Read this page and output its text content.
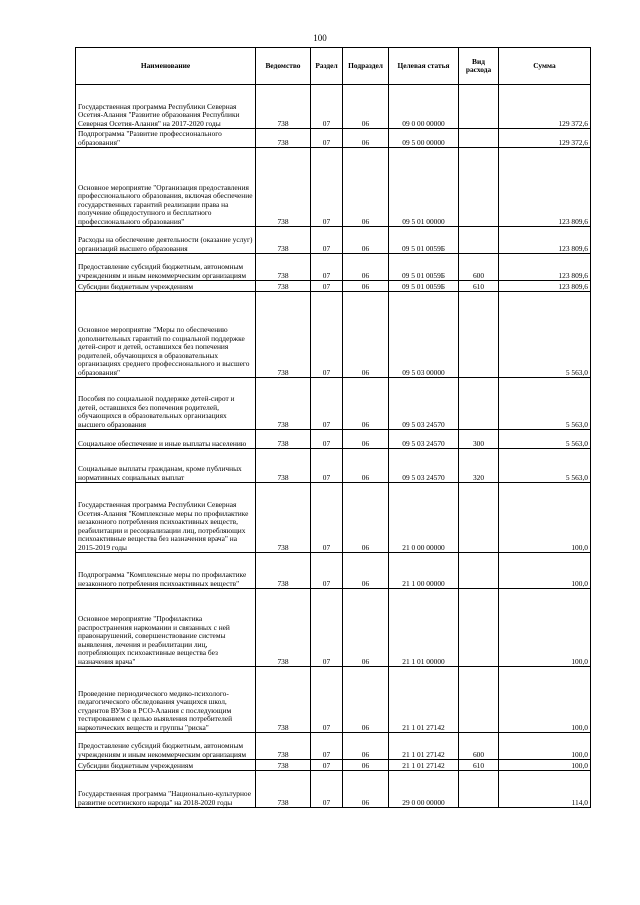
100
Наименование	Ведомство	Раздел	Подраздел	Целевая статья	Вид расхода	Сумма
Государственная программа Республики Северная Осетия-Алания "Развитие образования Республики Северная Осетия-Алания" на 2017-2020 годы	738	07	06	09 0 00 00000		129 372,6
Подпрограмма "Развитие профессионального образования"	738	07	06	09 5 00 00000		129 372,6
Основное мероприятие "Организация предоставления профессионального образования, включая обеспечение государственных гарантий реализации права на получение общедоступного и бесплатного профессионального образования"	738	07	06	09 5 01 00000		123 809,6
Расходы на обеспечение деятельности (оказание услуг) организаций высшего образования	738	07	06	09 5 01 0059Б		123 809,6
Предоставление субсидий бюджетным, автономным учреждениям и иным некоммерческим организациям	738	07	06	09 5 01 0059Б	600	123 809,6
Субсидии бюджетным учреждениям	738	07	06	09 5 01 0059Б	610	123 809,6
Основное мероприятие "Меры по обеспечению дополнительных гарантий по социальной поддержке детей-сирот и детей, оставшихся без попечения родителей, обучающихся в образовательных организациях среднего профессионального и высшего образования"	738	07	06	09 5 03 00000		5 563,0
Пособия по социальной поддержке детей-сирот и детей, оставшихся без попечения родителей, обучающихся в образовательных организациях высшего образования	738	07	06	09 5 03 24570		5 563,0
Социальное обеспечение и иные выплаты населению	738	07	06	09 5 03 24570	300	5 563,0
Социальные выплаты гражданам, кроме публичных нормативных социальных выплат	738	07	06	09 5 03 24570	320	5 563,0
Государственная программа Республики Северная Осетия-Алания "Комплексные меры по профилактике незаконного потребления психоактивных веществ, реабилитации и ресоциализации лиц, потребляющих психоактивные вещества без назначения врача" на 2015-2019 годы	738	07	06	21 0 00 00000		100,0
Подпрограмма "Комплексные меры по профилактике незаконного потребления психоактивных веществ"	738	07	06	21 1 00 00000		100,0
Основное мероприятие "Профилактика распространения наркомании и связанных с ней правонарушений, совершенствование системы выявления, лечения и реабилитации лиц, потребляющих психоактивные вещества без назначения врача"	738	07	06	21 1 01 00000		100,0
Проведение периодического медико-психолого-педагогического обследования учащихся школ, студентов ВУЗов в РСО-Алания с последующим тестированием с целью выявления потребителей наркотических веществ и группы "риска"	738	07	06	21 1 01 27142		100,0
Предоставление субсидий бюджетным, автономным учреждениям и иным некоммерческим организациям	738	07	06	21 1 01 27142	600	100,0
Субсидии бюджетным учреждениям	738	07	06	21 1 01 27142	610	100,0
Государственная программа "Национально-культурное развитие осетинского народа" на 2018-2020 годы	738	07	06	29 0 00 00000		114,0
